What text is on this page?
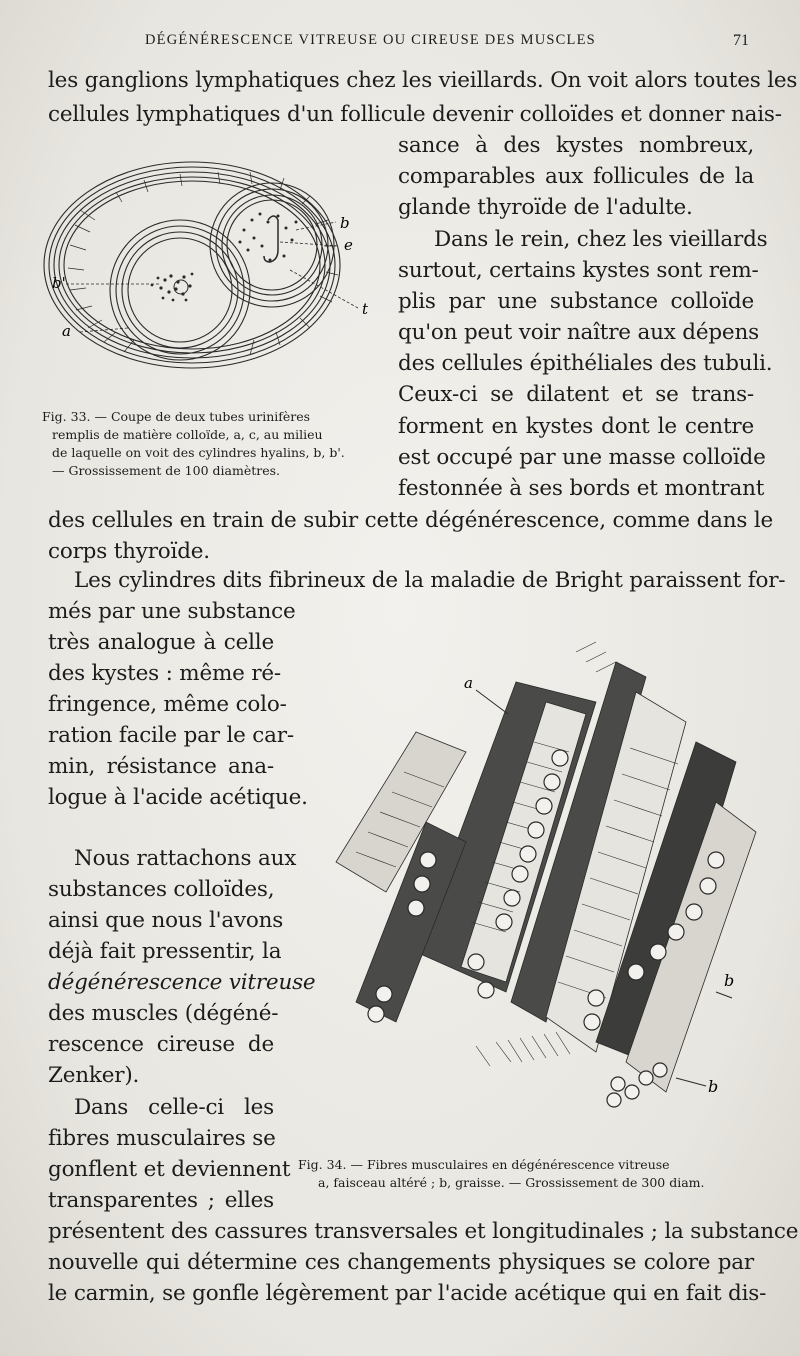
DÉGÉNÉRESCENCE VITREUSE OU CIREUSE DES MUSCLES	71
les ganglions lymphatiques chez les vieillards. On voit alors toutes les
cellules lymphatiques d'un follicule devenir colloïdes et donner nais-
sance à des kystes nombreux,
comparables aux follicules de la
glande thyroïde de l'adulte.
Dans le rein, chez les vieillards
surtout, certains kystes sont rem-
plis par une substance colloïde
qu'on peut voir naître aux dépens
des cellules épithéliales des tubuli.
Ceux-ci se dilatent et se trans-
forment en kystes dont le centre
est occupé par une masse colloïde
festonnée à ses bords et montrant
des cellules en train de subir cette dégénérescence, comme dans le
corps thyroïde.
b
e
t
b'
a
Fig. 33. — Coupe de deux tubes urinifères
remplis de matière colloïde, a, c, au milieu
de laquelle on voit des cylindres hyalins, b, b'.
— Grossissement de 100 diamètres.
Les cylindres dits fibrineux de la maladie de Bright paraissent for-
més par une substance
très analogue à celle
des kystes : même ré-
fringence, même colo-
ration facile par le car-
min, résistance ana-
logue à l'acide acétique.
Nous rattachons aux
substances colloïdes,
ainsi que nous l'avons
déjà fait pressentir, la
dégénérescence vitreuse
des muscles (dégéné-
rescence cireuse de
Zenker).
Dans celle-ci les
fibres musculaires se
gonflent et deviennent
transparentes ; elles
présentent des cassures transversales et longitudinales ; la substance
nouvelle qui détermine ces changements physiques se colore par
le carmin, se gonfle légèrement par l'acide acétique qui en fait dis-
a
b
b
Fig. 34. — Fibres musculaires en dégénérescence vitreuse
a, faisceau altéré ; b, graisse. — Grossissement de 300 diam.
